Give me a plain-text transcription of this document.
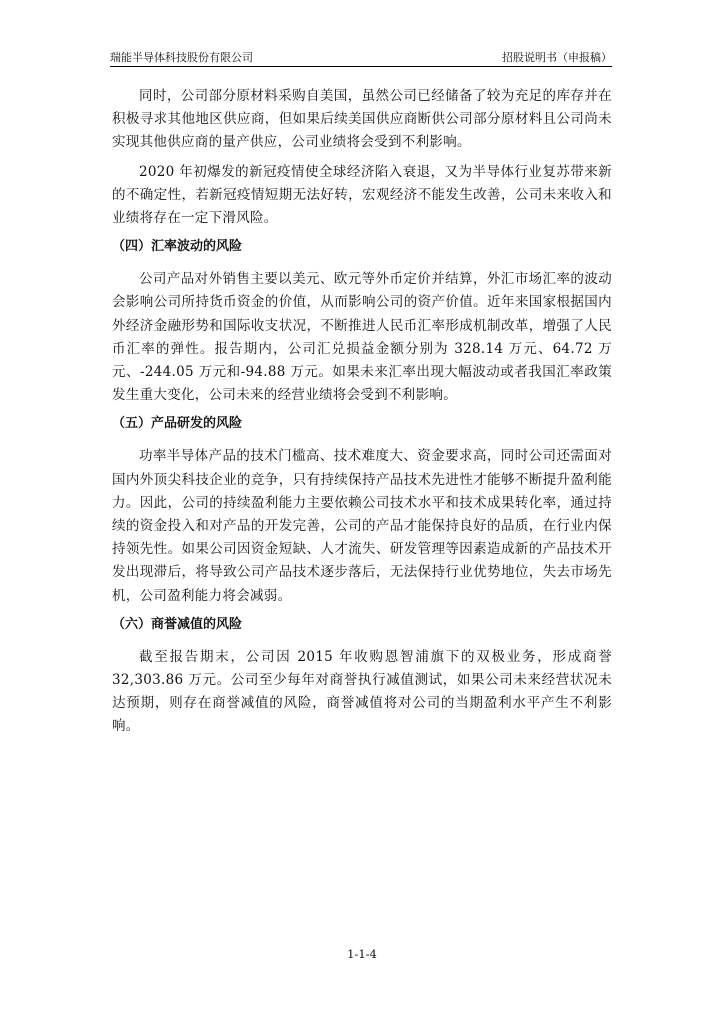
瑞能半导体科技股份有限公司	招股说明书（申报稿）

同时，公司部分原材料采购自美国，虽然公司已经储备了较为充足的库存并在积极寻求其他地区供应商，但如果后续美国供应商断供公司部分原材料且公司尚未实现其他供应商的量产供应，公司业绩将会受到不利影响。

2020 年初爆发的新冠疫情使全球经济陷入衰退，又为半导体行业复苏带来新的不确定性，若新冠疫情短期无法好转，宏观经济不能发生改善，公司未来收入和业绩将存在一定下滑风险。

（四）汇率波动的风险

公司产品对外销售主要以美元、欧元等外币定价并结算，外汇市场汇率的波动会影响公司所持货币资金的价值，从而影响公司的资产价值。近年来国家根据国内外经济金融形势和国际收支状况，不断推进人民币汇率形成机制改革，增强了人民币汇率的弹性。报告期内，公司汇兑损益金额分别为 328.14 万元、64.72 万元、-244.05 万元和-94.88 万元。如果未来汇率出现大幅波动或者我国汇率政策发生重大变化，公司未来的经营业绩将会受到不利影响。

（五）产品研发的风险

功率半导体产品的技术门槛高、技术难度大、资金要求高，同时公司还需面对国内外顶尖科技企业的竞争，只有持续保持产品技术先进性才能够不断提升盈利能力。因此，公司的持续盈利能力主要依赖公司技术水平和技术成果转化率，通过持续的资金投入和对产品的开发完善，公司的产品才能保持良好的品质，在行业内保持领先性。如果公司因资金短缺、人才流失、研发管理等因素造成新的产品技术开发出现滞后，将导致公司产品技术逐步落后，无法保持行业优势地位，失去市场先机，公司盈利能力将会减弱。

（六）商誉减值的风险

截至报告期末，公司因 2015 年收购恩智浦旗下的双极业务，形成商誉 32,303.86 万元。公司至少每年对商誉执行减值测试，如果公司未来经营状况未达预期，则存在商誉减值的风险，商誉减值将对公司的当期盈利水平产生不利影响。

1-1-4
